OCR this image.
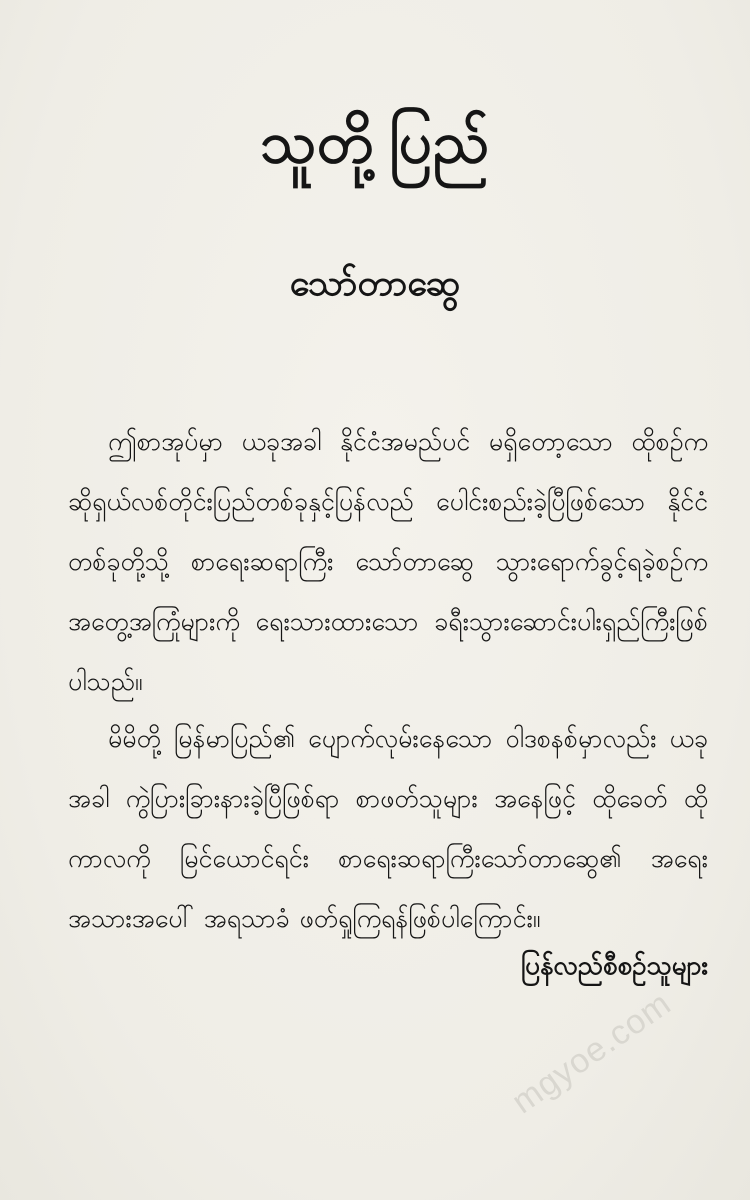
သူတို့ပြည်
သော်တာဆွေ
ဤစာအုပ်မှာ ယခုအခါ နိုင်ငံအမည်ပင် မရှိတော့သော ထိုစဉ်က ဆိုရှယ်လစ်တိုင်းပြည်တစ်ခုနှင့်ပြန်လည် ပေါင်းစည်းခဲ့ပြီဖြစ်သော နိုင်ငံတစ်ခုတို့သို့ စာရေးဆရာကြီး သော်တာဆွေ သွားရောက်ခွင့်ရခဲ့စဉ်က အတွေ့အကြုံများကို ရေးသားထားသော ခရီးသွားဆောင်းပါးရှည်ကြီးဖြစ်ပါသည်။
မိမိတို့ မြန်မာပြည်၏ ပျောက်လုမ်းနေသော ဝါဒစနစ်မှာလည်း ယခုအခါ ကွဲပြားခြားနားခဲ့ပြီဖြစ်ရာ စာဖတ်သူများ အနေဖြင့် ထိုခေတ် ထိုကာလကို မြင်ယောင်ရင်း စာရေးဆရာကြီးသော်တာဆွေ၏ အရေးအသားအပေါ် အရသာခံ ဖတ်ရှုကြရန်ဖြစ်ပါကြောင်း။
ပြန်လည်စီစဉ်သူများ
mgyoe.com
